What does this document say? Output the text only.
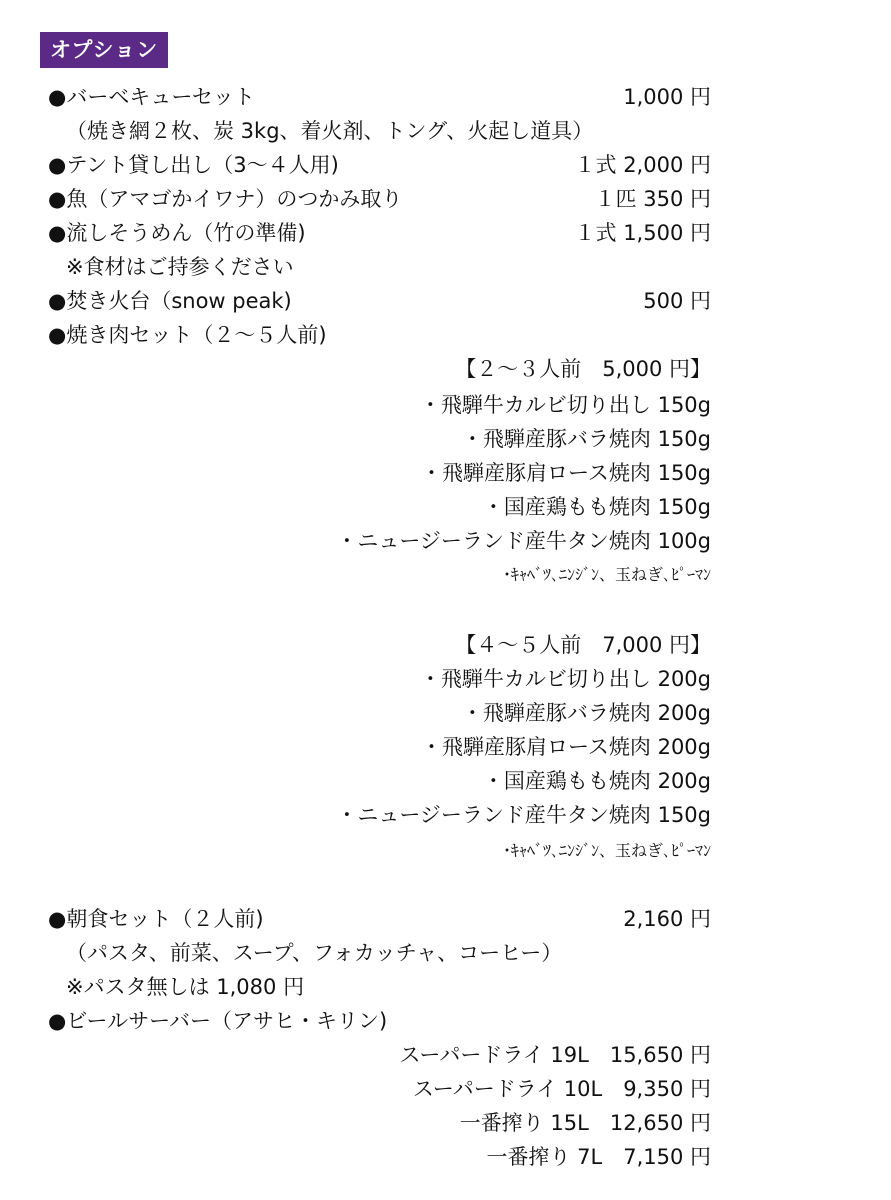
オプション
●バーベキューセット	1,000 円
（焼き網２枚、炭 3kg、着火剤、トング、火起し道具）
●テント貸し出し（3〜４人用)	１式 2,000 円
●魚（アマゴかイワナ）のつかみ取り	１匹 350 円
●流しそうめん（竹の準備)	１式 1,500 円
※食材はご持参ください
●焚き火台（snow peak)	500 円
●焼き肉セット（２〜５人前)
【２〜３人前　5,000 円】
・飛騨牛カルビ切り出し 150g
・飛騨産豚バラ焼肉 150g
・飛騨産豚肩ロース焼肉 150g
・国産鶏もも焼肉 150g
・ニュージーランド産牛タン焼肉 100g
･ｷｬﾍﾞﾂ､ﾆﾝｼﾞﾝ、玉ねぎ､ﾋﾟｰﾏﾝ
【４〜５人前　7,000 円】
・飛騨牛カルビ切り出し 200g
・飛騨産豚バラ焼肉 200g
・飛騨産豚肩ロース焼肉 200g
・国産鶏もも焼肉 200g
・ニュージーランド産牛タン焼肉 150g
･ｷｬﾍﾞﾂ､ﾆﾝｼﾞﾝ、玉ねぎ､ﾋﾟｰﾏﾝ
●朝食セット（２人前)	2,160 円
（パスタ、前菜、スープ、フォカッチャ、コーヒー）
※パスタ無しは 1,080 円
●ビールサーバー（アサヒ・キリン)
スーパードライ 19L　15,650 円
スーパードライ 10L　9,350 円
一番搾り 15L　12,650 円
一番搾り 7L　7,150 円
